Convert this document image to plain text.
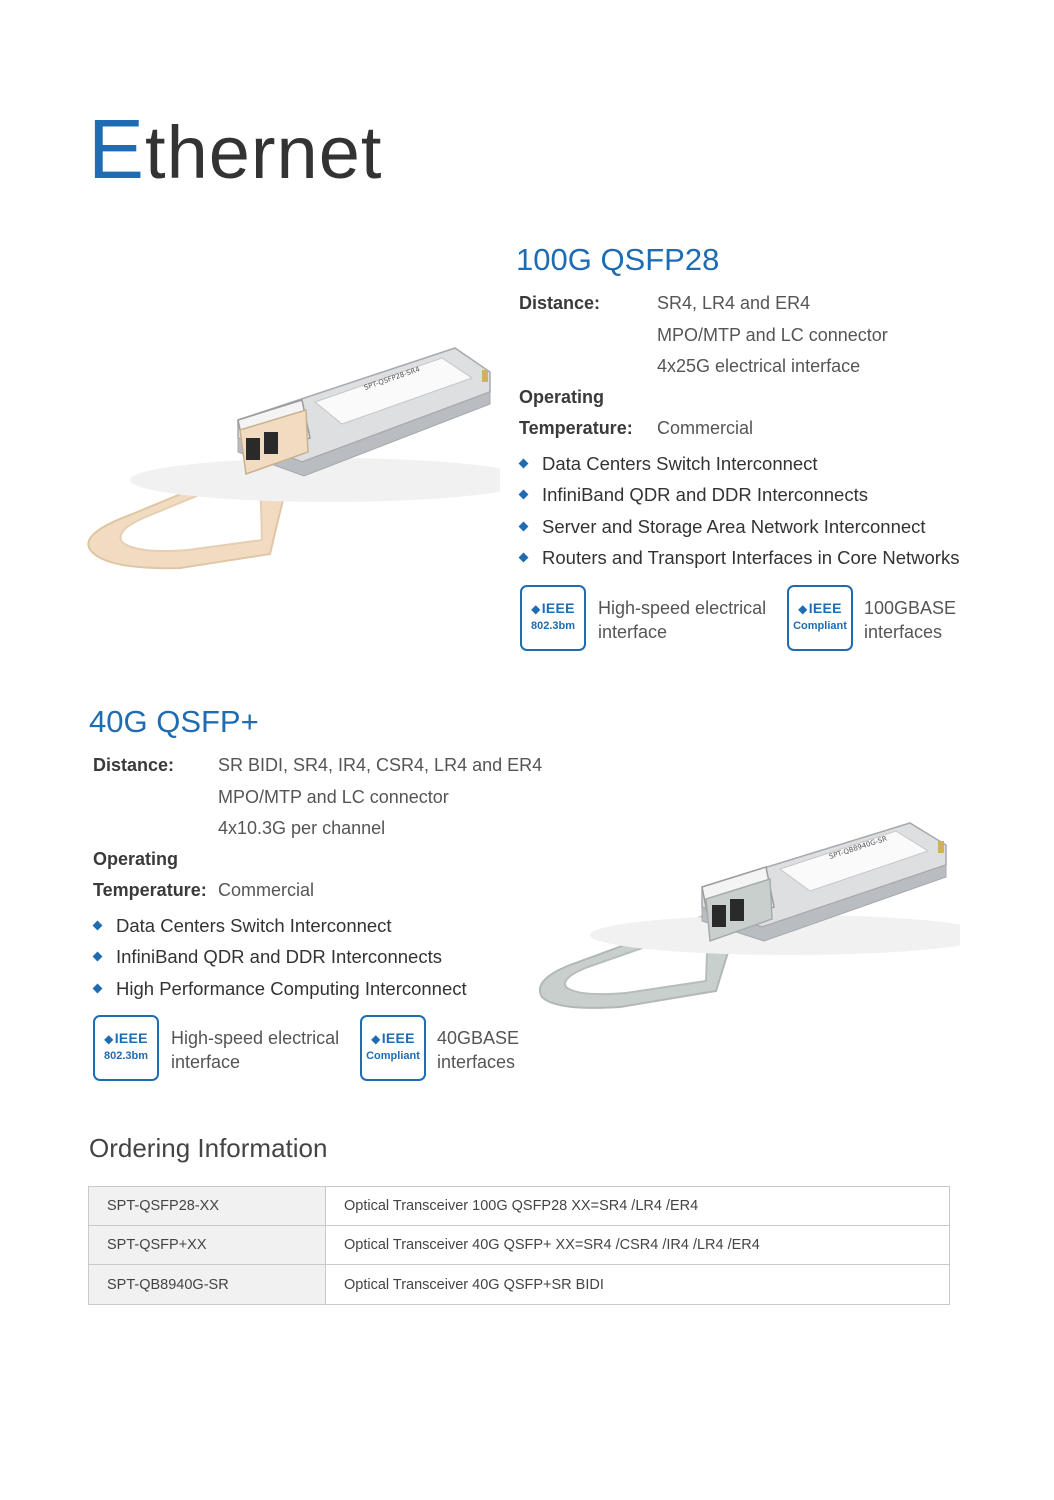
Ethernet
SPT-QSFP28-SR4
100G QSFP28
Distance:	SR4, LR4 and ER4
MPO/MTP and LC connector
4x25G electrical interface
Operating
Temperature: Commercial
Data Centers Switch Interconnect
InfiniBand QDR and DDR Interconnects
Server and Storage Area Network Interconnect
Routers and Transport Interfaces in Core Networks
◆IEEE
802.3bm
High-speed electrical
interface
◆IEEE
Compliant
100GBASE
interfaces
40G QSFP+
Distance: SR BIDI, SR4, IR4, CSR4, LR4 and ER4
MPO/MTP and LC connector
4x10.3G per channel
Operating
Temperature: Commercial
Data Centers Switch Interconnect
InfiniBand QDR and DDR Interconnects
High Performance Computing Interconnect
◆IEEE
802.3bm
High-speed electrical
interface
◆IEEE
Compliant
40GBASE
interfaces
SPT-QB8940G-SR
Ordering Information
SPT-QSFP28-XX	Optical Transceiver 100G QSFP28 XX=SR4 /LR4 /ER4
SPT-QSFP+XX	Optical Transceiver 40G QSFP+ XX=SR4 /CSR4 /IR4 /LR4 /ER4
SPT-QB8940G-SR	Optical Transceiver 40G QSFP+SR BIDI
